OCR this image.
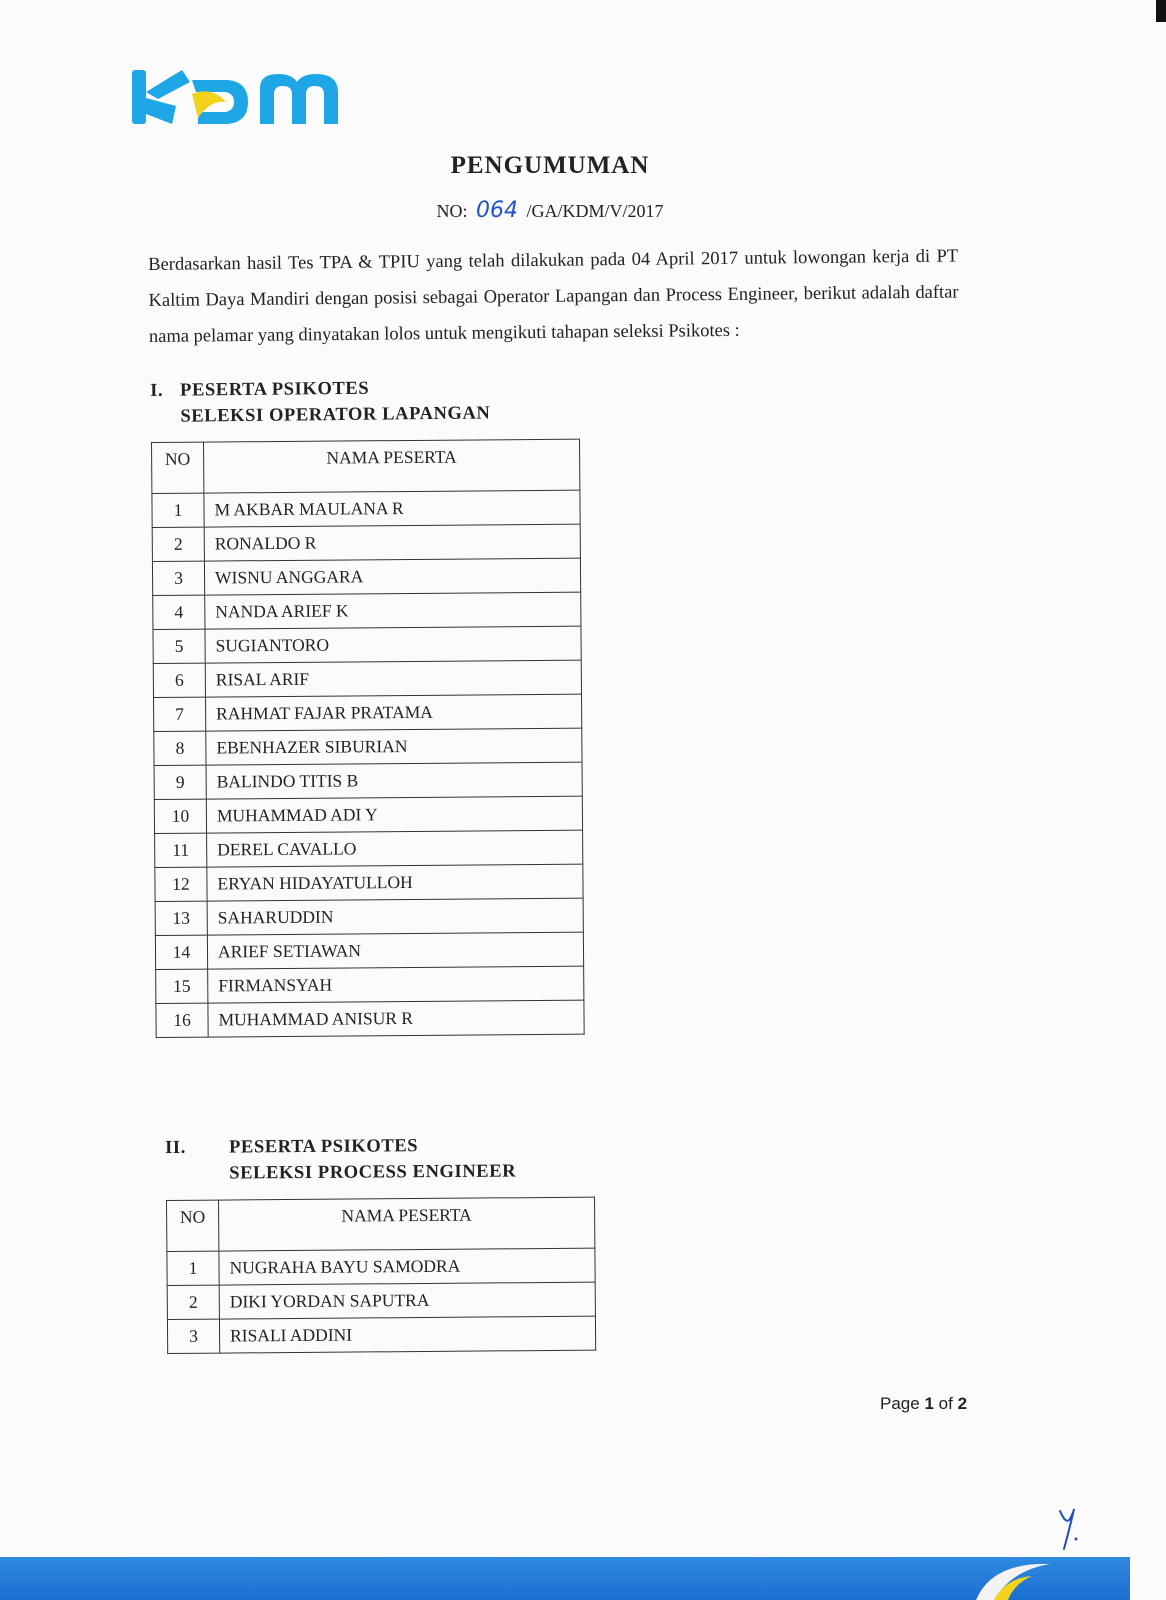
PENGUMUMAN
NO: 064 /GA/KDM/V/2017
Berdasarkan hasil Tes TPA & TPIU yang telah dilakukan pada 04 April 2017 untuk lowongan kerja di PT Kaltim Daya Mandiri dengan posisi sebagai Operator Lapangan dan Process Engineer, berikut adalah daftar nama pelamar yang dinyatakan lolos untuk mengikuti tahapan seleksi Psikotes :
I. PESERTA PSIKOTES
SELEKSI OPERATOR LAPANGAN
NO	NAMA PESERTA
1	M AKBAR MAULANA R
2	RONALDO R
3	WISNU ANGGARA
4	NANDA ARIEF K
5	SUGIANTORO
6	RISAL ARIF
7	RAHMAT FAJAR PRATAMA
8	EBENHAZER SIBURIAN
9	BALINDO TITIS B
10	MUHAMMAD ADI Y
11	DEREL CAVALLO
12	ERYAN HIDAYATULLOH
13	SAHARUDDIN
14	ARIEF SETIAWAN
15	FIRMANSYAH
16	MUHAMMAD ANISUR R
II. PESERTA PSIKOTES
SELEKSI PROCESS ENGINEER
NO	NAMA PESERTA
1	NUGRAHA BAYU SAMODRA
2	DIKI YORDAN SAPUTRA
3	RISALI ADDINI
Page 1 of 2
